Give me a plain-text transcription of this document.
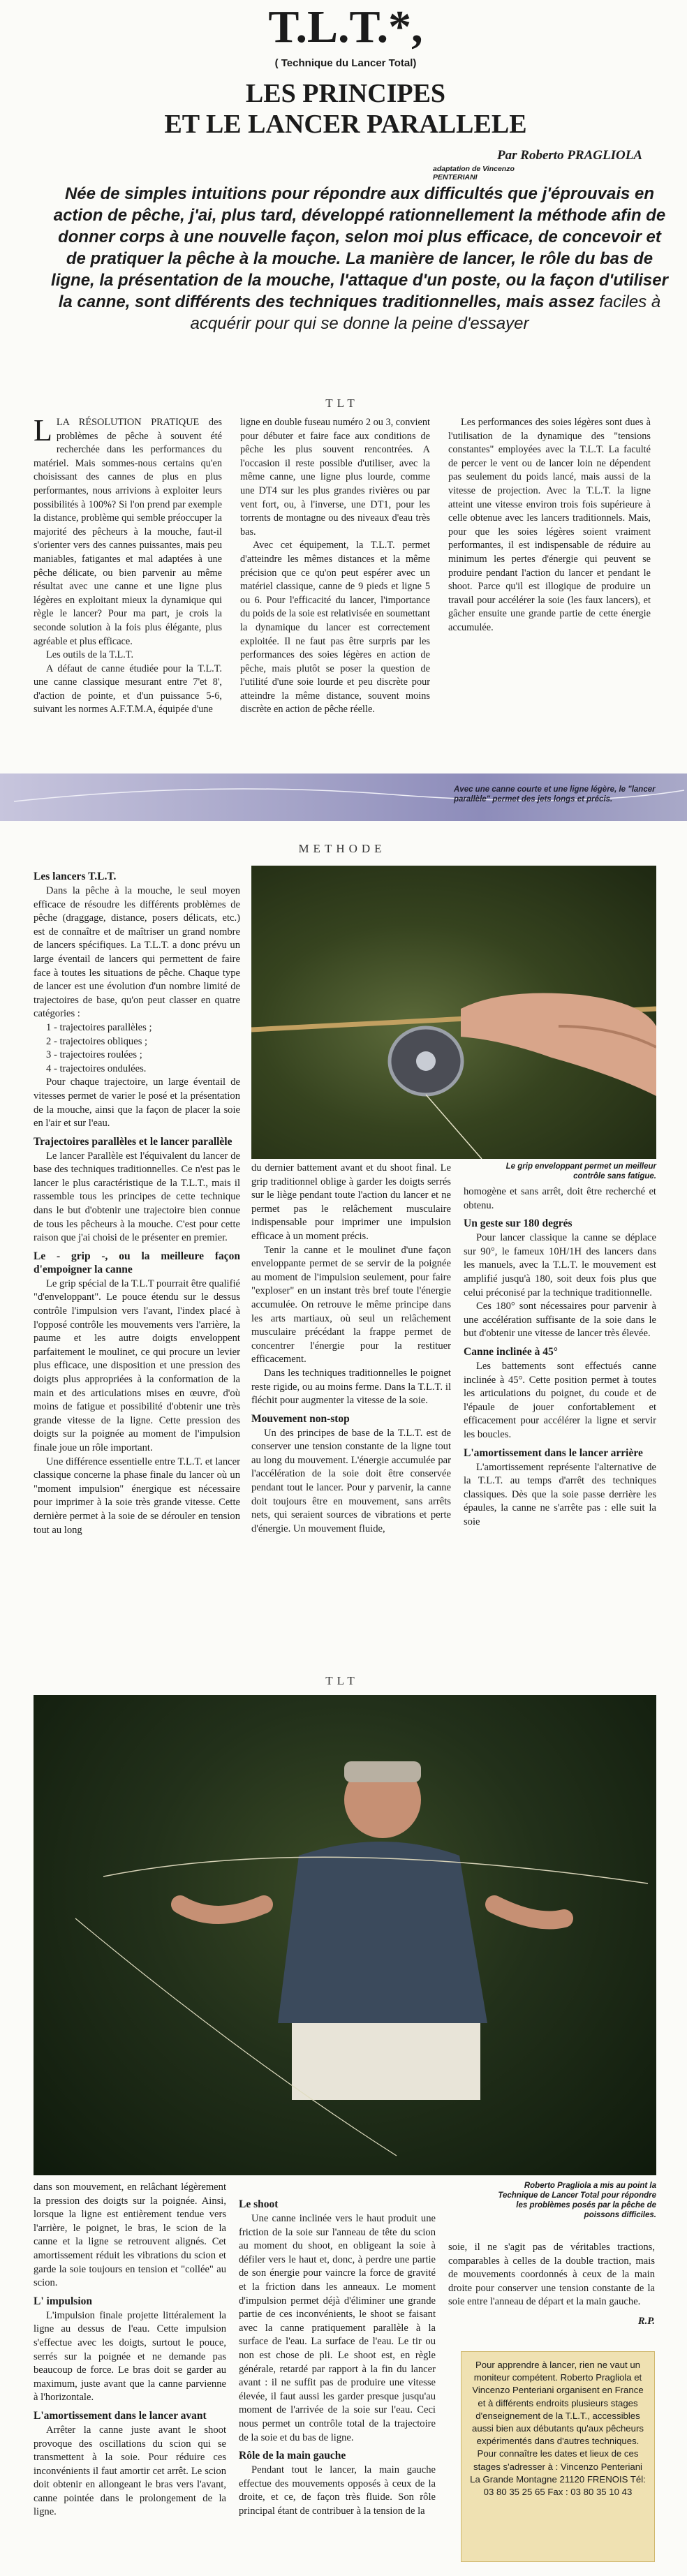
T.L.T.*,
( Technique du Lancer Total)
LES PRINCIPES
ET LE LANCER PARALLELE
Par Roberto PRAGLIOLA
adaptation de Vincenzo PENTERIANI
Née de simples intuitions pour répondre aux difficultés que j'éprouvais en action de pêche, j'ai, plus tard, développé rationnellement la méthode afin de donner corps à une nouvelle façon, selon moi plus efficace, de concevoir et de pratiquer la pêche à la mouche. La manière de lancer, le rôle du bas de ligne, la présentation de la mouche, l'attaque d'un poste, ou la façon d'utiliser la canne, sont différents des techniques traditionnelles, mais assez faciles à acquérir pour qui se donne la peine d'essayer
TLT

LLA RÉSOLUTION PRATIQUE des problèmes de pêche à souvent été recherchée dans les performances du matériel. Mais sommes-nous certains qu'en choisissant des cannes de plus en plus performantes, nous arrivions à exploiter leurs possibilités à 100%? Si l'on prend par exemple la distance, problème qui semble préoccuper la majorité des pêcheurs à la mouche, faut-il s'orienter vers des cannes puissantes, mais peu maniables, fatigantes et mal adaptées à une pêche délicate, ou bien parvenir au même résultat avec une canne et une ligne plus légères en exploitant mieux la dynamique qui règle le lancer? Pour ma part, je crois la seconde solution à la fois plus élégante, plus agréable et plus efficace.

Les outils de la T.L.T.

A défaut de canne étudiée pour la T.L.T. une canne classique mesurant entre 7'et 8', d'action de pointe, et d'un puissance 5-6, suivant les normes A.F.T.M.A, équipée d'une

ligne en double fuseau numéro 2 ou 3, convient pour débuter et faire face aux conditions de pêche les plus souvent rencontrées. A l'occasion il reste possible d'utiliser, avec la même canne, une ligne plus lourde, comme une DT4 sur les plus grandes rivières ou par vent fort, ou, à l'inverse, une DT1, pour les torrents de montagne ou des niveaux d'eau très bas.

Avec cet équipement, la T.L.T. permet d'atteindre les mêmes distances et la même précision que ce qu'on peut espérer avec un matériel classique, canne de 9 pieds et ligne 5 ou 6. Pour l'efficacité du lancer, l'importance du poids de la soie est relativisée en soumettant la dynamique du lancer est correctement exploitée. Il ne faut pas être surpris par les performances des soies légères en action de pêche, mais plutôt se poser la question de l'utilité d'une soie lourde et peu discrète pour atteindre la même distance, souvent moins discrète en action de pêche réelle.

Les performances des soies légères sont dues à l'utilisation de la dynamique des "tensions constantes" employées avec la T.L.T. La faculté de percer le vent ou de lancer loin ne dépendent pas seulement du poids lancé, mais aussi de la vitesse de projection. Avec la T.L.T. la ligne atteint une vitesse environ trois fois supérieure à celle obtenue avec les lancers traditionnels. Mais, pour que les soies légères soient vraiment performantes, il est indispensable de réduire au minimum les pertes d'énergie qui peuvent se produire pendant l'action du lancer et pendant le shoot. Parce qu'il est illogique de produire un travail pour accélérer la soie (les faux lancers), et gâcher ensuite une grande partie de cette énergie accumulée.

Avec une canne courte et une ligne légère, le "lancer parallèle" permet des jets longs et précis.
METHODE
Les lancers T.L.T.

Dans la pêche à la mouche, le seul moyen efficace de résoudre les différents problèmes de pêche (draggage, distance, posers délicats, etc.) est de connaître et de maîtriser un grand nombre de lancers spécifiques. La T.L.T. a donc prévu un large éventail de lancers qui permettent de faire face à toutes les situations de pêche. Chaque type de lancer est une évolution d'un nombre limité de trajectoires de base, qu'on peut classer en quatre catégories :

1 - trajectoires parallèles ;
2 - trajectoires obliques ;
3 - trajectoires roulées ;
4 - trajectoires ondulées.

Pour chaque trajectoire, un large éventail de vitesses permet de varier le posé et la présentation de la mouche, ainsi que la façon de placer la soie en l'air et sur l'eau.

Trajectoires parallèles et le lancer parallèle

Le lancer Parallèle est l'équivalent du lancer de base des techniques traditionnelles. Ce n'est pas le lancer le plus caractéristique de la T.L.T., mais il rassemble tous les principes de cette technique dans le but d'obtenir une trajectoire bien connue de tous les pêcheurs à la mouche. C'est pour cette raison que j'ai choisi de le présenter en premier.

Le - grip -, ou la meilleure façon d'empoigner la canne

Le grip spécial de la T.L.T pourrait être qualifié "d'enveloppant". Le pouce étendu sur le dessus contrôle l'impulsion vers l'avant, l'index placé à l'opposé contrôle les mouvements vers l'arrière, la paume et les autre doigts enveloppent parfaitement le moulinet, ce qui procure un levier plus efficace, une disposition et une pression des doigts plus appropriées à la conformation de la main et des articulations mises en œuvre, d'où moins de fatigue et possibilité d'obtenir une très grande vitesse de la ligne. Cette pression des doigts sur la poignée au moment de l'impulsion finale joue un rôle important.

Une différence essentielle entre T.L.T. et lancer classique concerne la phase finale du lancer où un "moment impulsion" énergique est nécessaire pour imprimer à la soie très grande vitesse. Cette dernière permet à la soie de se dérouler en tension tout au long

Le grip enveloppant permet un meilleur contrôle sans fatigue.

du dernier battement avant et du shoot final. Le grip traditionnel oblige à garder les doigts serrés sur le liège pendant toute l'action du lancer et ne permet pas le relâchement musculaire indispensable pour imprimer une impulsion efficace à un moment précis.

Tenir la canne et le moulinet d'une façon enveloppante permet de se servir de la poignée au moment de l'impulsion seulement, pour faire "exploser" en un instant très bref toute l'énergie accumulée. On retrouve le même principe dans les arts martiaux, où seul un relâchement musculaire précédant la frappe permet de concentrer l'énergie pour la restituer efficacement.

Dans les techniques traditionnelles le poignet reste rigide, ou au moins ferme. Dans la T.L.T. il fléchit pour augmenter la vitesse de la soie.

Mouvement non-stop

Un des principes de base de la T.L.T. est de conserver une tension constante de la ligne tout au long du mouvement. L'énergie accumulée par l'accélération de la soie doit être conservée pendant tout le lancer. Pour y parvenir, la canne doit toujours être en mouvement, sans arrêts nets, qui seraient sources de vibrations et perte d'énergie. Un mouvement fluide,

homogène et sans arrêt, doit être recherché et obtenu.

Un geste sur 180 degrés

Pour lancer classique la canne se déplace sur 90°, le fameux 10H/1H des lancers dans les manuels, avec la T.L.T. le mouvement est amplifié jusqu'à 180, soit deux fois plus que celui préconisé par la technique traditionnelle.

Ces 180° sont nécessaires pour parvenir à une accélération suffisante de la soie dans le but d'obtenir une vitesse de lancer très élevée.

Canne inclinée à 45°

Les battements sont effectués canne inclinée à 45°. Cette position permet à toutes les articulations du poignet, du coude et de l'épaule de jouer confortablement et efficacement pour accélérer la ligne et servir les boucles.

L'amortissement dans le lancer arrière

L'amortissement représente l'alternative de la T.L.T. au temps d'arrêt des techniques classiques. Dès que la soie passe derrière les épaules, la canne ne s'arrête pas : elle suit la soie

TLT
Roberto Pragliola a mis au point la Technique de Lancer Total pour répondre les problèmes posés par la pêche de poissons difficiles.

dans son mouvement, en relâchant légèrement la pression des doigts sur la poignée. Ainsi, lorsque la ligne est entièrement tendue vers l'arrière, le poignet, le bras, le scion de la canne et la ligne se retrouvent alignés. Cet amortissement réduit les vibrations du scion et garde la soie toujours en tension et "collée" au scion.

L' impulsion

L'impulsion finale projette littéralement la ligne au dessus de l'eau. Cette impulsion s'effectue avec les doigts, surtout le pouce, serrés sur la poignée et ne demande pas beaucoup de force. Le bras doit se garder au maximum, juste avant que la canne parvienne à l'horizontale.

L'amortissement dans le lancer avant

Arrêter la canne juste avant le shoot provoque des oscillations du scion qui se transmettent à la soie. Pour réduire ces inconvénients il faut amortir cet arrêt. Le scion doit obtenir en allongeant le bras vers l'avant, canne pointée dans le prolongement de la ligne.

Le shoot

Une canne inclinée vers le haut produit une friction de la soie sur l'anneau de tête du scion au moment du shoot, en obligeant la soie à défiler vers le haut et, donc, à perdre une partie de son énergie pour vaincre la force de gravité et la friction dans les anneaux. Le moment d'impulsion permet déjà d'éliminer une grande partie de ces inconvénients, le shoot se faisant avec la canne pratiquement parallèle à la surface de l'eau. La surface de l'eau. Le tir ou non est chose de pli. Le shoot est, en règle générale, retardé par rapport à la fin du lancer avant : il ne suffit pas de produire une vitesse élevée, il faut aussi les garder presque jusqu'au moment de l'arrivée de la soie sur l'eau. Ceci nous permet un contrôle total de la trajectoire de la soie et du bas de ligne.

Rôle de la main gauche

Pendant tout le lancer, la main gauche effectue des mouvements opposés à ceux de la droite, et ce, de façon très fluide. Son rôle principal étant de contribuer à la tension de la

soie, il ne s'agit pas de véritables tractions, comparables à celles de la double traction, mais de mouvements coordonnés à ceux de la main droite pour conserver une tension constante de la soie entre l'anneau de départ et la main gauche.

R.P.
Pour apprendre à lancer, rien ne vaut un moniteur compétent. Roberto Pragliola et Vincenzo Penteriani organisent en France et à différents endroits plusieurs stages d'enseignement de la T.L.T., accessibles aussi bien aux débutants qu'aux pêcheurs expérimentés dans d'autres techniques. Pour connaître les dates et lieux de ces stages s'adresser à : Vincenzo Penteriani La Grande Montagne 21120 FRENOIS Tél: 03 80 35 25 65 Fax : 03 80 35 10 43
